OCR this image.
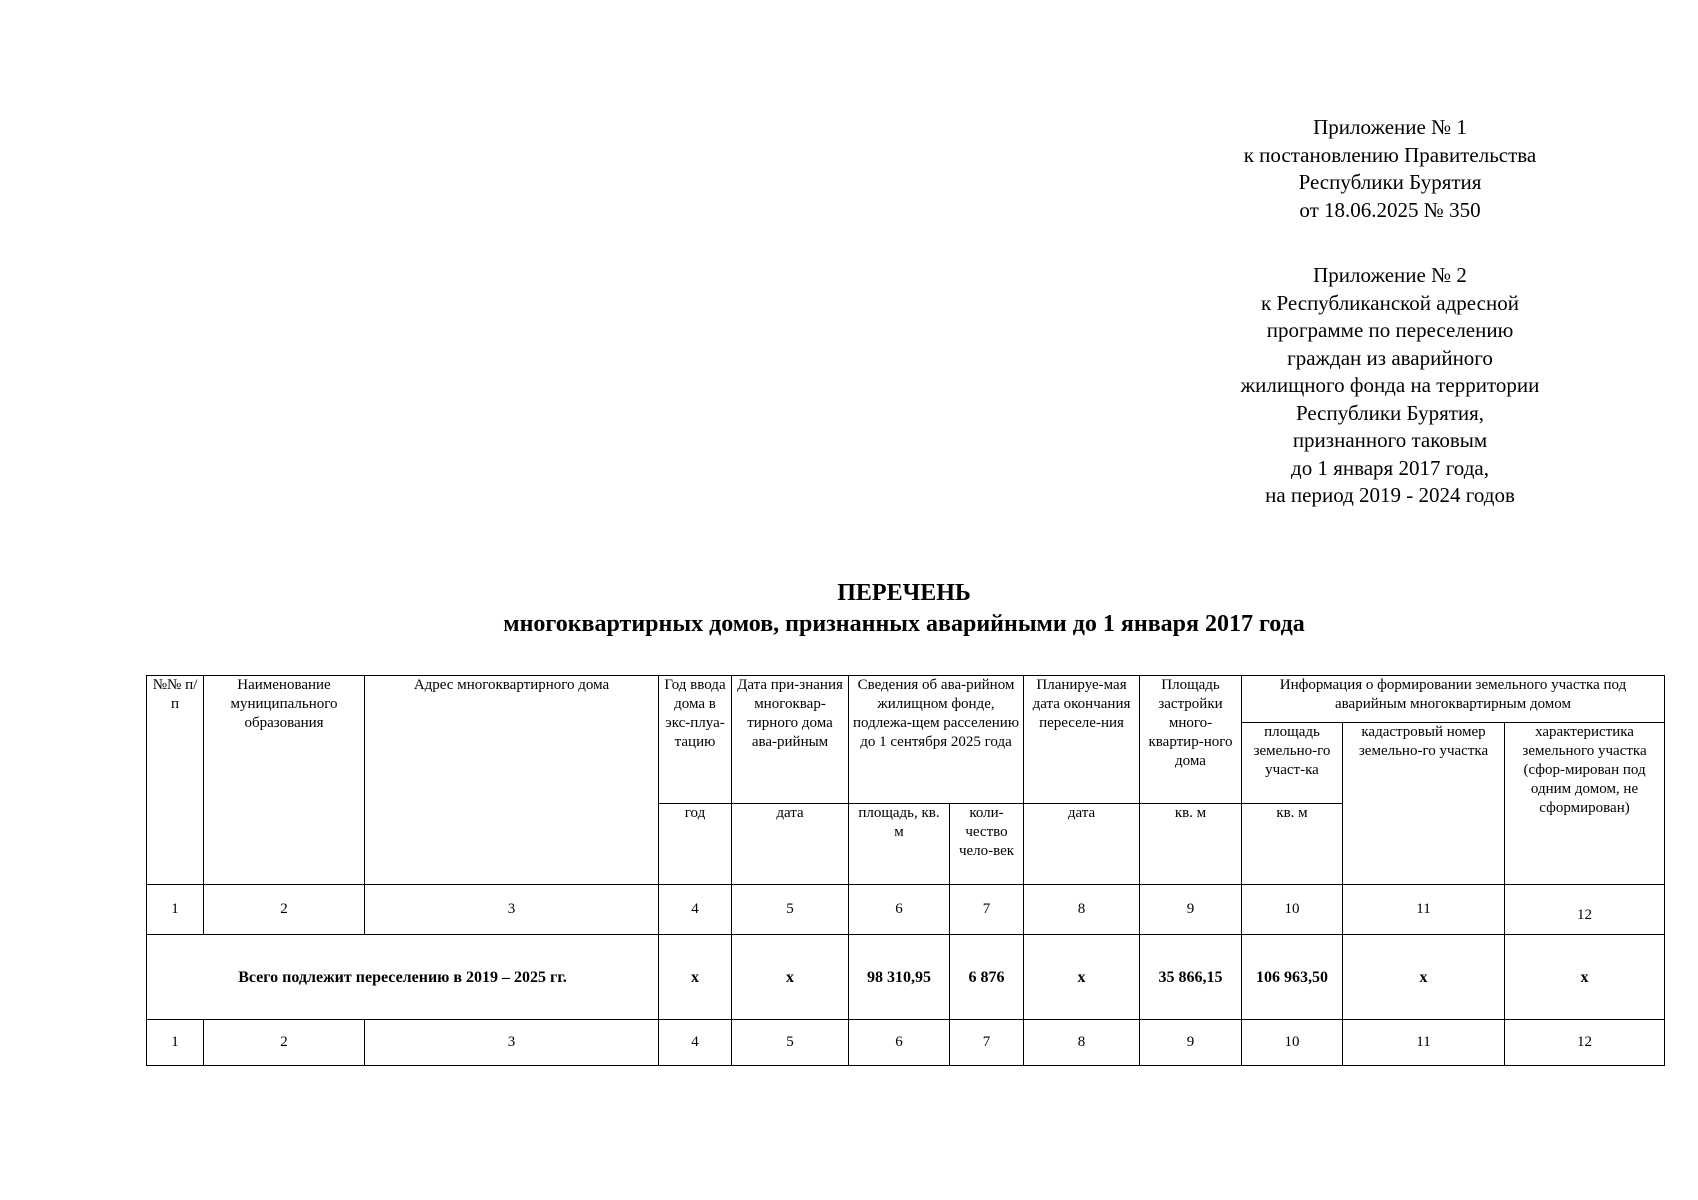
Приложение № 1
к постановлению Правительства
Республики Бурятия
от 18.06.2025 № 350
Приложение № 2
к Республиканской адресной
программе по переселению
граждан из аварийного
жилищного фонда на территории
Республики Бурятия,
признанного таковым
до 1 января 2017 года,
на период 2019 - 2024 годов
ПЕРЕЧЕНЬ
многоквартирных домов, признанных аварийными до 1 января 2017 года
№№ п/п	Наименование муниципального образования	Адрес многоквартирного дома	Год ввода дома в экс-плуа-тацию	Дата при-знания многоквар-тирного дома ава-рийным	Сведения об ава-рийном жилищном фонде, подлежа-щем расселению до 1 сентября 2025 года		Планируе-мая дата окончания переселе-ния	Площадь застройки много-квартир-ного дома	Информация о формировании земельного участка под аварийным многоквартирным домом		
									площадь земельно-го участ-ка	кадастровый номер земельно-го участка	характеристика земельного участка (сфор-мирован под одним домом, не сформирован)
			год	дата	площадь, кв. м	коли-чество чело-век	дата	кв. м	кв. м		
1	2	3	4	5	6	7	8	9	10	11	12

Всего подлежит переселению в 2019 – 2025 гг.			x	x	98 310,95	6 876	x	35 866,15	106 963,50	x	x
1	2	3	4	5	6	7	8	9	10	11	12
